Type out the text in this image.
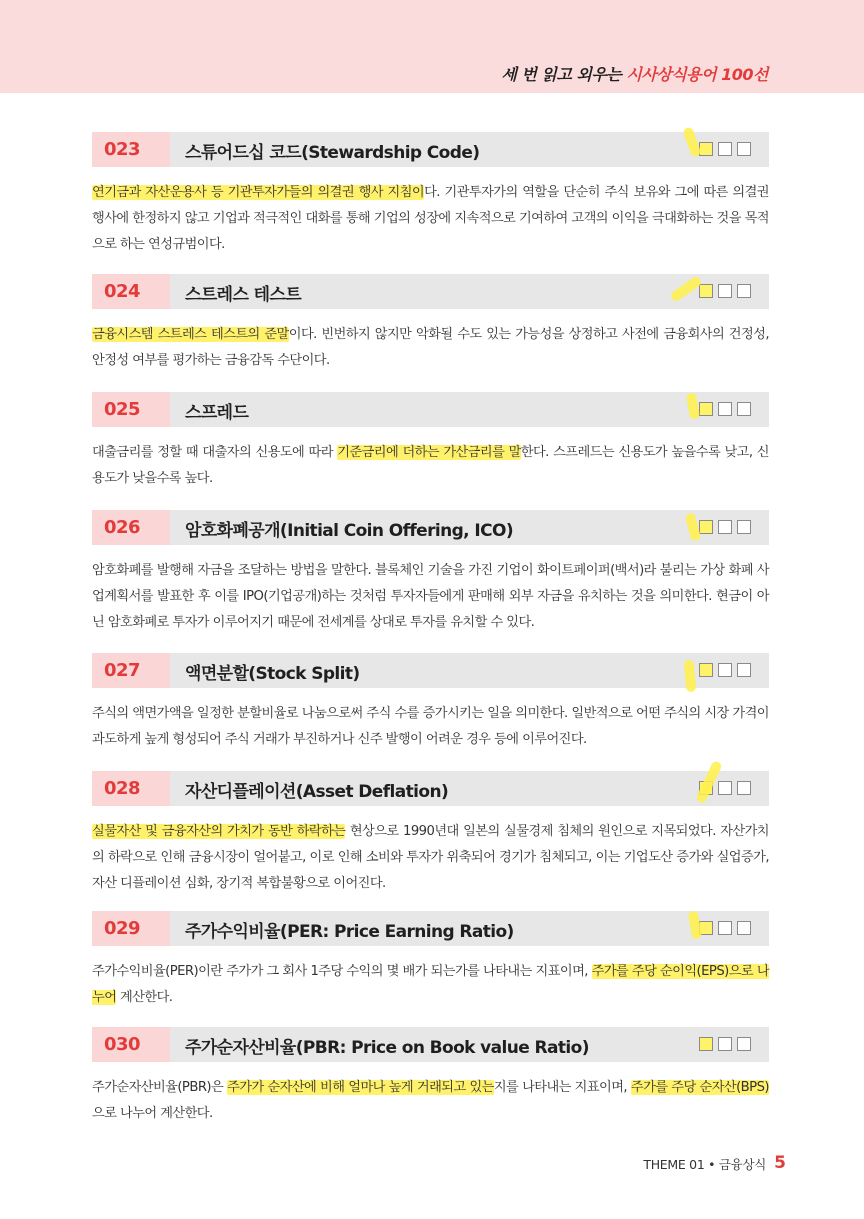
세 번 읽고 외우는 시사상식용어 100선
023	스튜어드십 코드(Stewardship Code)
연기금과 자산운용사 등 기관투자가들의 의결권 행사 지침이다. 기관투자가의 역할을 단순히 주식 보유와 그에 따른 의결권 행사에 한정하지 않고 기업과 적극적인 대화를 통해 기업의 성장에 지속적으로 기여하여 고객의 이익을 극대화하는 것을 목적으로 하는 연성규범이다.
024	스트레스 테스트
금융시스템 스트레스 테스트의 준말이다. 빈번하지 않지만 악화될 수도 있는 가능성을 상정하고 사전에 금융회사의 건정성, 안정성 여부를 평가하는 금융감독 수단이다.
025	스프레드
대출금리를 정할 때 대출자의 신용도에 따라 기준금리에 더하는 가산금리를 말한다. 스프레드는 신용도가 높을수록 낮고, 신용도가 낮을수록 높다.
026	암호화폐공개(Initial Coin Offering, ICO)
암호화폐를 발행해 자금을 조달하는 방법을 말한다. 블록체인 기술을 가진 기업이 화이트페이퍼(백서)라 불리는 가상 화폐 사업계획서를 발표한 후 이를 IPO(기업공개)하는 것처럼 투자자들에게 판매해 외부 자금을 유치하는 것을 의미한다. 현금이 아닌 암호화폐로 투자가 이루어지기 때문에 전세계를 상대로 투자를 유치할 수 있다.
027	액면분할(Stock Split)
주식의 액면가액을 일정한 분할비율로 나눔으로써 주식 수를 증가시키는 일을 의미한다. 일반적으로 어떤 주식의 시장 가격이 과도하게 높게 형성되어 주식 거래가 부진하거나 신주 발행이 어려운 경우 등에 이루어진다.
028	자산디플레이션(Asset Deflation)
실물자산 및 금융자산의 가치가 동반 하락하는 현상으로 1990년대 일본의 실물경제 침체의 원인으로 지목되었다. 자산가치의 하락으로 인해 금융시장이 얼어붙고, 이로 인해 소비와 투자가 위축되어 경기가 침체되고, 이는 기업도산 증가와 실업증가, 자산 디플레이션 심화, 장기적 복합불황으로 이어진다.
029	주가수익비율(PER: Price Earning Ratio)
주가수익비율(PER)이란 주가가 그 회사 1주당 수익의 몇 배가 되는가를 나타내는 지표이며, 주가를 주당 순이익(EPS)으로 나누어 계산한다.
030	주가순자산비율(PBR: Price on Book value Ratio)
주가순자산비율(PBR)은 주가가 순자산에 비해 얼마나 높게 거래되고 있는지를 나타내는 지표이며, 주가를 주당 순자산(BPS)으로 나누어 계산한다.
THEME 01 • 금융상식 5
